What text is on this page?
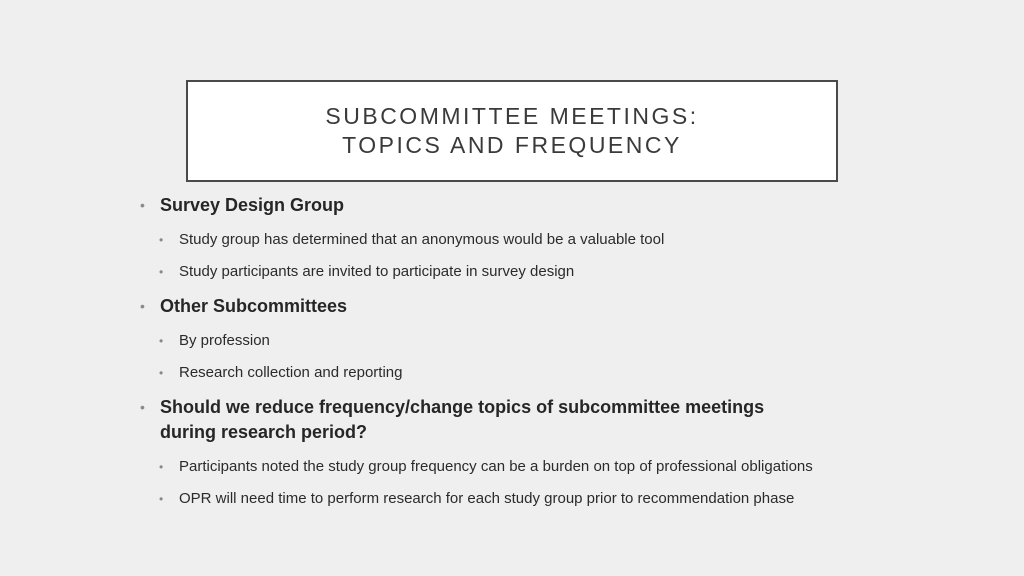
SUBCOMMITTEE MEETINGS:
TOPICS AND FREQUENCY
• Survey Design Group
• Study group has determined that an anonymous would be a valuable tool
• Study participants are invited to participate in survey design
• Other Subcommittees
• By profession
• Research collection and reporting
• Should we reduce frequency/change topics of subcommittee meetings
during research period?
• Participants noted the study group frequency can be a burden on top of professional obligations
• OPR will need time to perform research for each study group prior to recommendation phase
